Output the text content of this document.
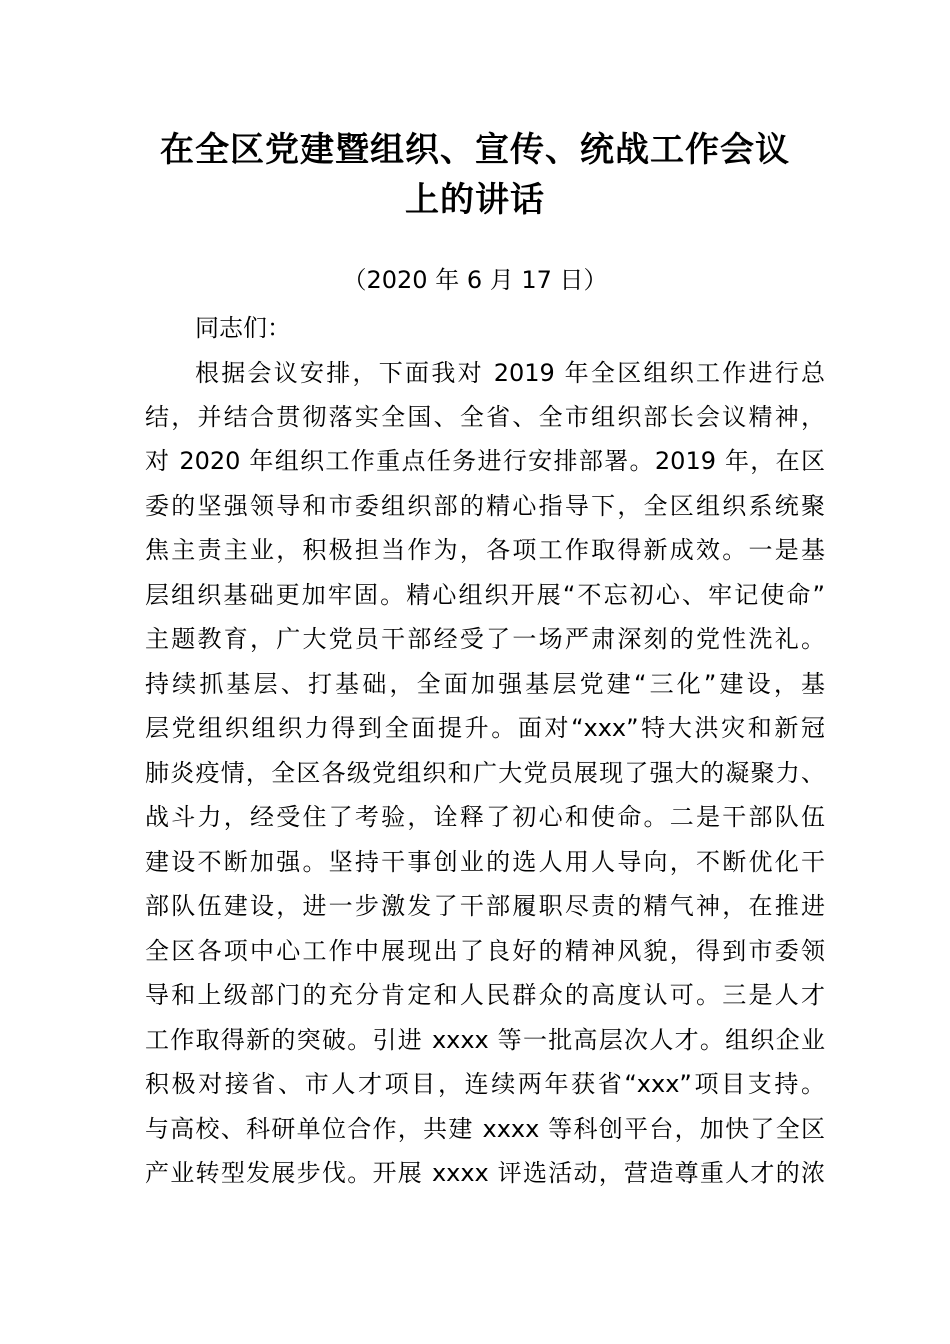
在全区党建暨组织、宣传、统战工作会议
上的讲话
（2020 年 6 月 17 日）
同志们：
根据会议安排，下面我对 2019 年全区组织工作进行总
结，并结合贯彻落实全国、全省、全市组织部长会议精神，
对 2020 年组织工作重点任务进行安排部署。2019 年，在区
委的坚强领导和市委组织部的精心指导下，全区组织系统聚
焦主责主业，积极担当作为，各项工作取得新成效。一是基
层组织基础更加牢固。精心组织开展“不忘初心、牢记使命”
主题教育，广大党员干部经受了一场严肃深刻的党性洗礼。
持续抓基层、打基础，全面加强基层党建“三化”建设，基
层党组织组织力得到全面提升。面对“xxx”特大洪灾和新冠
肺炎疫情，全区各级党组织和广大党员展现了强大的凝聚力、
战斗力，经受住了考验，诠释了初心和使命。二是干部队伍
建设不断加强。坚持干事创业的选人用人导向，不断优化干
部队伍建设，进一步激发了干部履职尽责的精气神，在推进
全区各项中心工作中展现出了良好的精神风貌，得到市委领
导和上级部门的充分肯定和人民群众的高度认可。三是人才
工作取得新的突破。引进 xxxx 等一批高层次人才。组织企业
积极对接省、市人才项目，连续两年获省“xxx”项目支持。
与高校、科研单位合作，共建 xxxx 等科创平台，加快了全区
产业转型发展步伐。开展 xxxx 评选活动，营造尊重人才的浓
